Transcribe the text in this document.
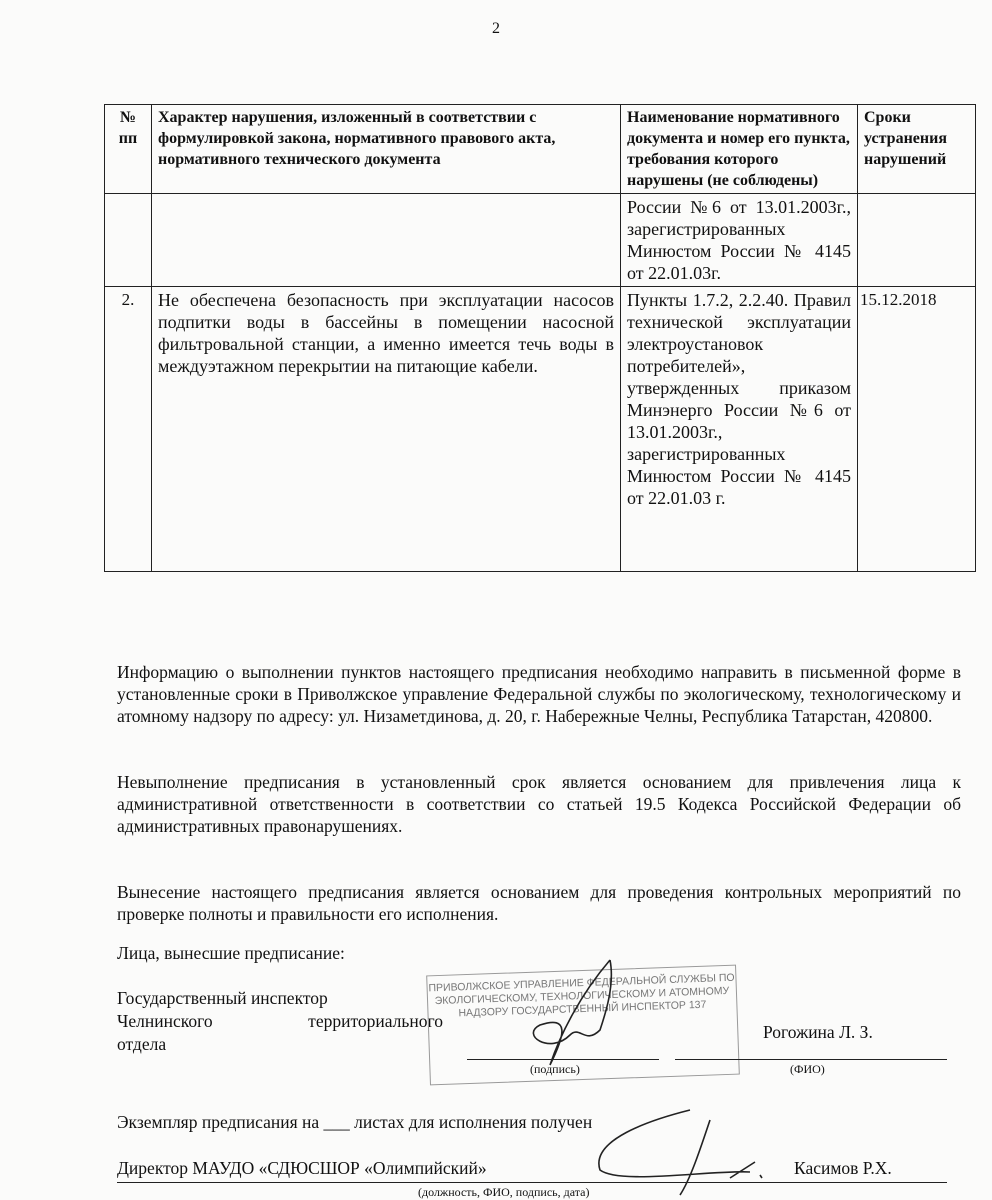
2
№ пп	Характер нарушения, изложенный в соответствии с формулировкой закона, нормативного правового акта, нормативного технического документа	Наименование нормативного документа и номер его пункта, требования которого нарушены (не соблюдены)	Сроки устранения нарушений
		России №6 от 13.01.2003г., зарегистрированных Минюстом России № 4145 от 22.01.03г.	
2.	Не обеспечена безопасность при эксплуатации насосов подпитки воды в бассейны в помещении насосной фильтровальной станции, а именно имеется течь воды в междуэтажном перекрытии на питающие кабели.	Пункты 1.7.2, 2.2.40. Правил технической эксплуатации электроустановок потребителей», утвержденных приказом Минэнерго России №6 от 13.01.2003г., зарегистрированных Минюстом России № 4145 от 22.01.03 г.	15.12.2018
Информацию о выполнении пунктов настоящего предписания необходимо направить в письменной форме в установленные сроки в Приволжское управление Федеральной службы по экологическому, технологическому и атомному надзору по адресу: ул. Низаметдинова, д. 20, г. Набережные Челны, Республика Татарстан, 420800.
Невыполнение предписания в установленный срок является основанием для привлечения лица к административной ответственности в соответствии со статьей 19.5 Кодекса Российской Федерации об административных правонарушениях.
Вынесение настоящего предписания является основанием для проведения контрольных мероприятий по проверке полноты и правильности его исполнения.
Лица, вынесшие предписание:
Государственный инспектор
Челнинского территориального
отдела
ПРИВОЛЖСКОЕ УПРАВЛЕНИЕ ФЕДЕРАЛЬНОЙ СЛУЖБЫ ПО ЭКОЛОГИЧЕСКОМУ, ТЕХНОЛОГИЧЕСКОМУ И АТОМНОМУ НАДЗОРУ ГОСУДАРСТВЕННЫЙ ИНСПЕКТОР 137
Рогожина Л. З.
(подпись)	(ФИО)
Экземпляр предписания на ___ листах для исполнения получен
Директор МАУДО «СДЮСШОР «Олимпийский»	Касимов Р.Х.
(должность, ФИО, подпись, дата)
